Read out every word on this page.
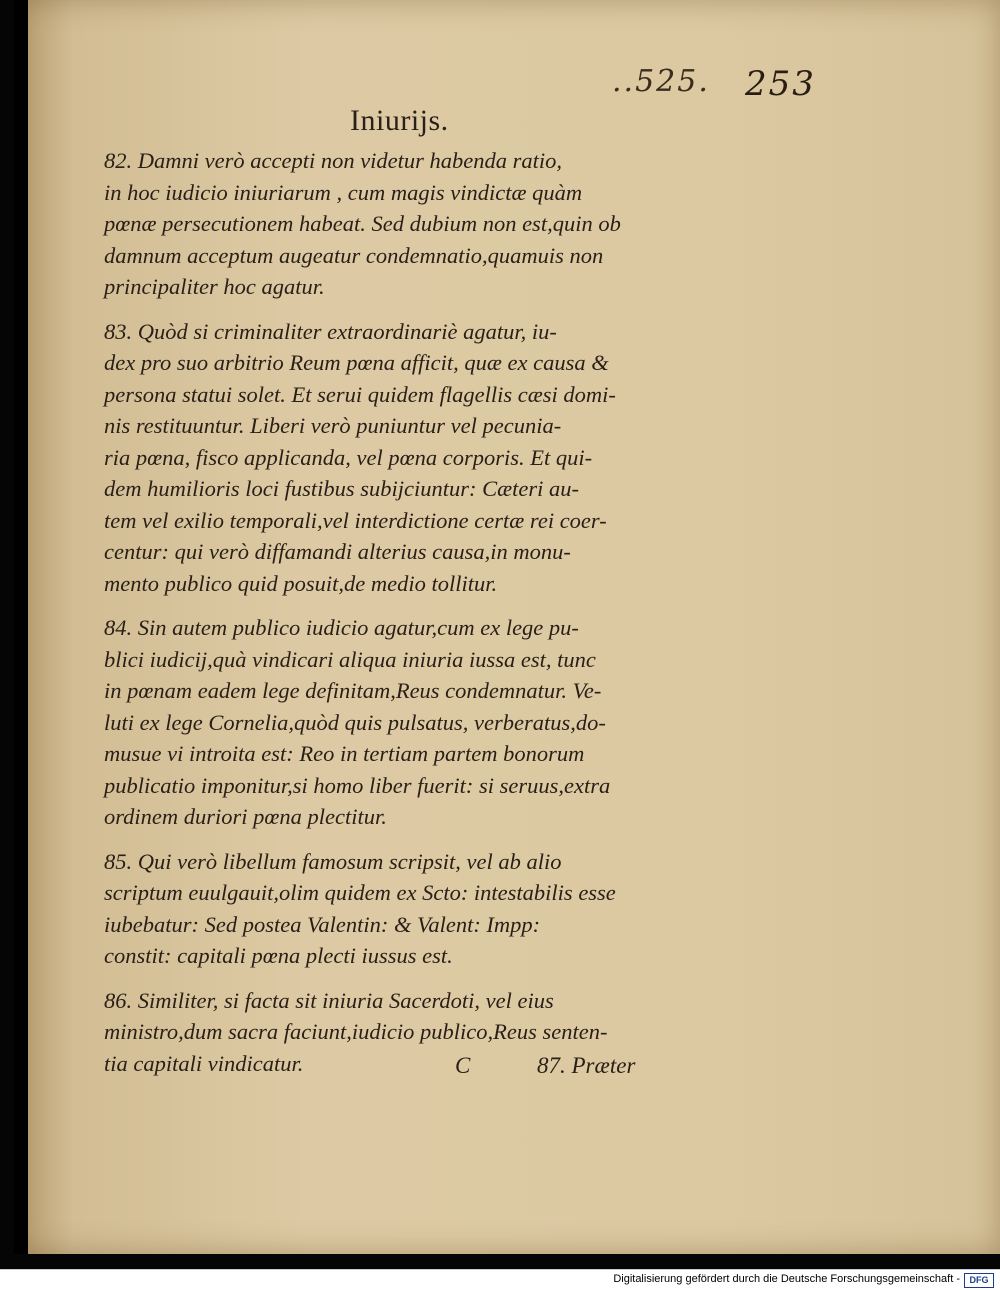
..525. 253
Iniurijs.
82. Damni verò accepti non videtur habenda ratio,
in hoc iudicio iniuriarum , cum magis vindictæ quàm
pœnæ persecutionem habeat. Sed dubium non est,quin ob
damnum acceptum augeatur condemnatio,quamuis non
principaliter hoc agatur.
83. Quòd si criminaliter extraordinariè agatur, iu-
dex pro suo arbitrio Reum pœna afficit, quæ ex causa &
persona statui solet. Et serui quidem flagellis cæsi domi-
nis restituuntur. Liberi verò puniuntur vel pecunia-
ria pœna, fisco applicanda, vel pœna corporis. Et qui-
dem humilioris loci fustibus subijciuntur: Cæteri au-
tem vel exilio temporali,vel interdictione certæ rei coer-
centur: qui verò diffamandi alterius causa,in monu-
mento publico quid posuit,de medio tollitur.
84. Sin autem publico iudicio agatur,cum ex lege pu-
blici iudicij,quà vindicari aliqua iniuria iussa est, tunc
in pœnam eadem lege definitam,Reus condemnatur. Ve-
luti ex lege Cornelia,quòd quis pulsatus, verberatus,do-
musue vi introita est: Reo in tertiam partem bonorum
publicatio imponitur,si homo liber fuerit: si seruus,extra
ordinem duriori pœna plectitur.
85. Qui verò libellum famosum scripsit, vel ab alio
scriptum euulgauit,olim quidem ex Scto: intestabilis esse
iubebatur: Sed postea Valentin: & Valent: Impp:
constit: capitali pœna plecti iussus est.
86. Similiter, si facta sit iniuria Sacerdoti, vel eius
ministro,dum sacra faciunt,iudicio publico,Reus senten-
tia capitali vindicatur.	C	87. Præter
Digitalisierung gefördert durch die Deutsche Forschungsgemeinschaft -	DFG
